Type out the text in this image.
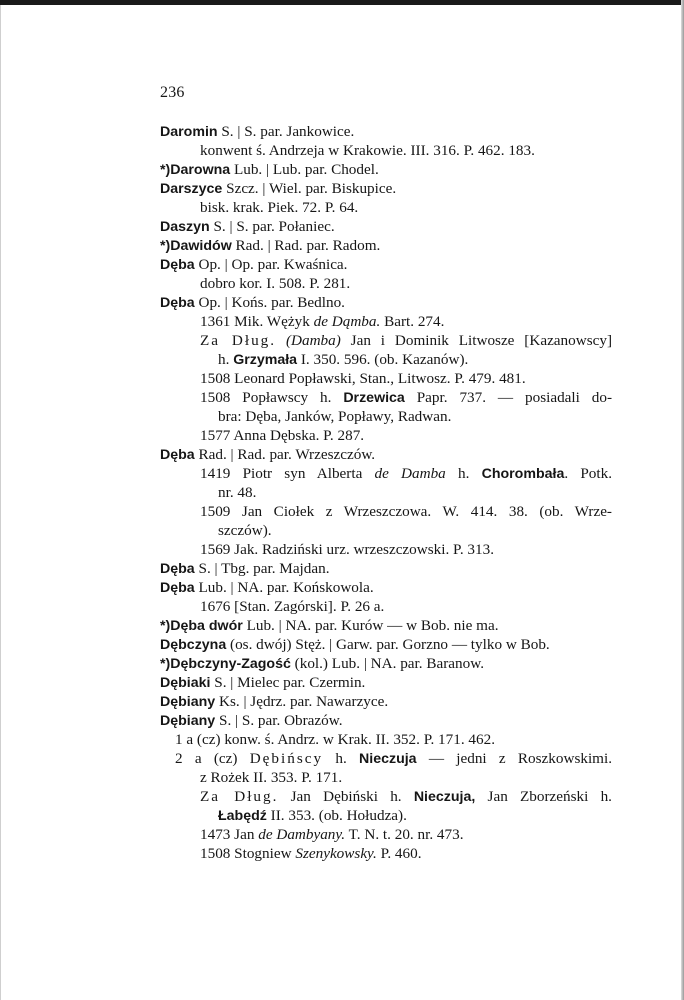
236
Daromin S. | S. par. Jankowice.
konwent ś. Andrzeja w Krakowie. III. 316. P. 462. 183.
*)Darowna Lub. | Lub. par. Chodel.
Darszyce Szcz. | Wiel. par. Biskupice.
bisk. krak. Piek. 72. P. 64.
Daszyn S. | S. par. Połaniec.
*)Dawidów Rad. | Rad. par. Radom.
Dęba Op. | Op. par. Kwaśnica.
dobro kor. I. 508. P. 281.
Dęba Op. | Końs. par. Bedlno.
1361 Mik. Wężyk de Dąmba. Bart. 274.
Za Dług. (Damba) Jan i Dominik Litwosze [Kazanowscy]
h. Grzymała I. 350. 596. (ob. Kazanów).
1508 Leonard Popławski, Stan., Litwosz. P. 479. 481.
1508 Popławscy h. Drzewica Papr. 737. — posiadali do-
bra: Dęba, Janków, Popławy, Radwan.
1577 Anna Dębska. P. 287.
Dęba Rad. | Rad. par. Wrzeszczów.
1419 Piotr syn Alberta de Damba h. Chorombała. Potk.
nr. 48.
1509 Jan Ciołek z Wrzeszczowa. W. 414. 38. (ob. Wrze-
szczów).
1569 Jak. Radziński urz. wrzeszczowski. P. 313.
Dęba S. | Tbg. par. Majdan.
Dęba Lub. | NA. par. Końskowola.
1676 [Stan. Zagórski]. P. 26 a.
*)Dęba dwór Lub. | NA. par. Kurów — w Bob. nie ma.
Dębczyna (os. dwój) Stęż. | Garw. par. Gorzno — tylko w Bob.
*)Dębczyny-Zagość (kol.) Lub. | NA. par. Baranow.
Dębiaki S. | Mielec par. Czermin.
Dębiany Ks. | Jędrz. par. Nawarzyce.
Dębiany S. | S. par. Obrazów.
1 a (cz) konw. ś. Andrz. w Krak. II. 352. P. 171. 462.
2 a (cz) Dębińscy h. Nieczuja — jedni z Roszkowskimi.
z Rożek II. 353. P. 171.
Za Dług. Jan Dębiński h. Nieczuja, Jan Zborzeński h.
Łabędź II. 353. (ob. Hołudza).
1473 Jan de Dambyany. T. N. t. 20. nr. 473.
1508 Stogniew Szenykowsky. P. 460.
